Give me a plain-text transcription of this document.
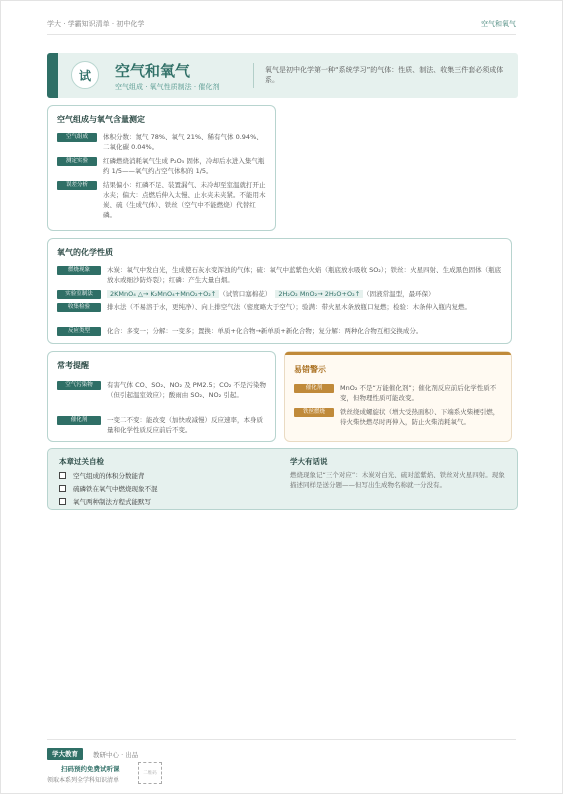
学大 · 学霸知识清单 · 初中化学	空气和氧气
试	空气和氧气
空气组成 · 氧气性质制法 · 催化剂
氧气是初中化学第一种“系统学习”的气体：性质、制法、收集三件套必须成体系。
空气组成与氧气含量测定
空气组成	体积分数：氮气 78%、氧气 21%、稀有气体 0.94%、二氧化碳 0.04%。
测定实验	红磷燃烧消耗氧气生成 P₂O₅ 固体，冷却后水进入集气瓶约 1/5——氧气约占空气体积的 1/5。
误差分析	结果偏小：红磷不足、装置漏气、未冷却至室温就打开止水夹；偏大：点燃后伸入太慢、止水夹未夹紧。不能用木炭、硫（生成气体）、铁丝（空气中不能燃烧）代替红磷。
氧气的化学性质
燃烧现象	木炭：氧气中发白光，生成使石灰水变浑浊的气体；硫：氧气中蓝紫色火焰（瓶底放水吸收 SO₂）；铁丝：火星四射、生成黑色固体（瓶底放水或细沙防炸裂）；红磷：产生大量白烟。
实验室制法	2KMnO₄ △→ K₂MnO₄+MnO₂+O₂↑ （试管口塞棉花） 2H₂O₂ MnO₂→ 2H₂O+O₂↑ （固液常温型，最环保）
收集检验	排水法（不易溶于水，更纯净）、向上排空气法（密度略大于空气）；验满：带火星木条放瓶口复燃；检验：木条伸入瓶内复燃。
反应类型	化合：多变一；分解：一变多；置换：单质+化合物→新单质+新化合物；复分解：两种化合物互相交换成分。
常考提醒
空气污染物	有害气体 CO、SO₂、NO₂ 及 PM2.5；CO₂ 不是污染物（但引起温室效应）；酸雨由 SO₂、NO₂ 引起。
催化剂	一变二不变：能改变（加快或减慢）反应速率，本身质量和化学性质反应前后不变。
易错警示
催化剂	MnO₂ 不是“万能催化剂”；催化剂反应前后化学性质不变，但物理性质可能改变。
铁丝燃烧	铁丝绕成螺旋状（增大受热面积）、下端系火柴梗引燃，待火柴快燃尽时再伸入，防止火柴消耗氧气。
本章过关自检
空气组成的体积分数能背
硫磷铁在氧气中燃烧现象不混
氧气两种制法方程式能默写
学大有话说
燃烧现象记“三个对应”：木炭对白光、硫对蓝紫焰、铁丝对火星四射。现象描述同样是送分题——但写出生成物名称就一分没有。
学大教育	教研中心 · 出品
扫码预约免费试听课
领取本系列全学科知识清单
二维码
